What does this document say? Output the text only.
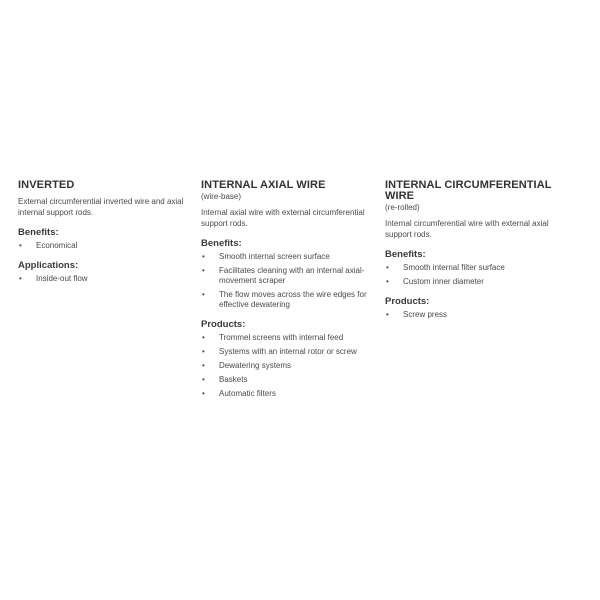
INVERTED

External circumferential inverted wire and axial internal support rods.

Benefits:
• Economical
Applications:
• Inside-out flow
INTERNAL AXIAL WIRE

(wire-base)

Internal axial wire with external circumferential support rods.

Benefits:
• Smooth internal screen surface
• Facilitates cleaning with an internal axial-movement scraper
• The flow moves across the wire edges for effective dewatering
Products:
• Trommel screens with internal feed
• Systems with an internal rotor or screw
• Dewatering systems
• Baskets
• Automatic filters
INTERNAL CIRCUMFERENTIAL WIRE

(re-rolled)

Internal circumferential wire with external axial support rods.

Benefits:
• Smooth internal filter surface
• Custom inner diameter
Products:
• Screw press
